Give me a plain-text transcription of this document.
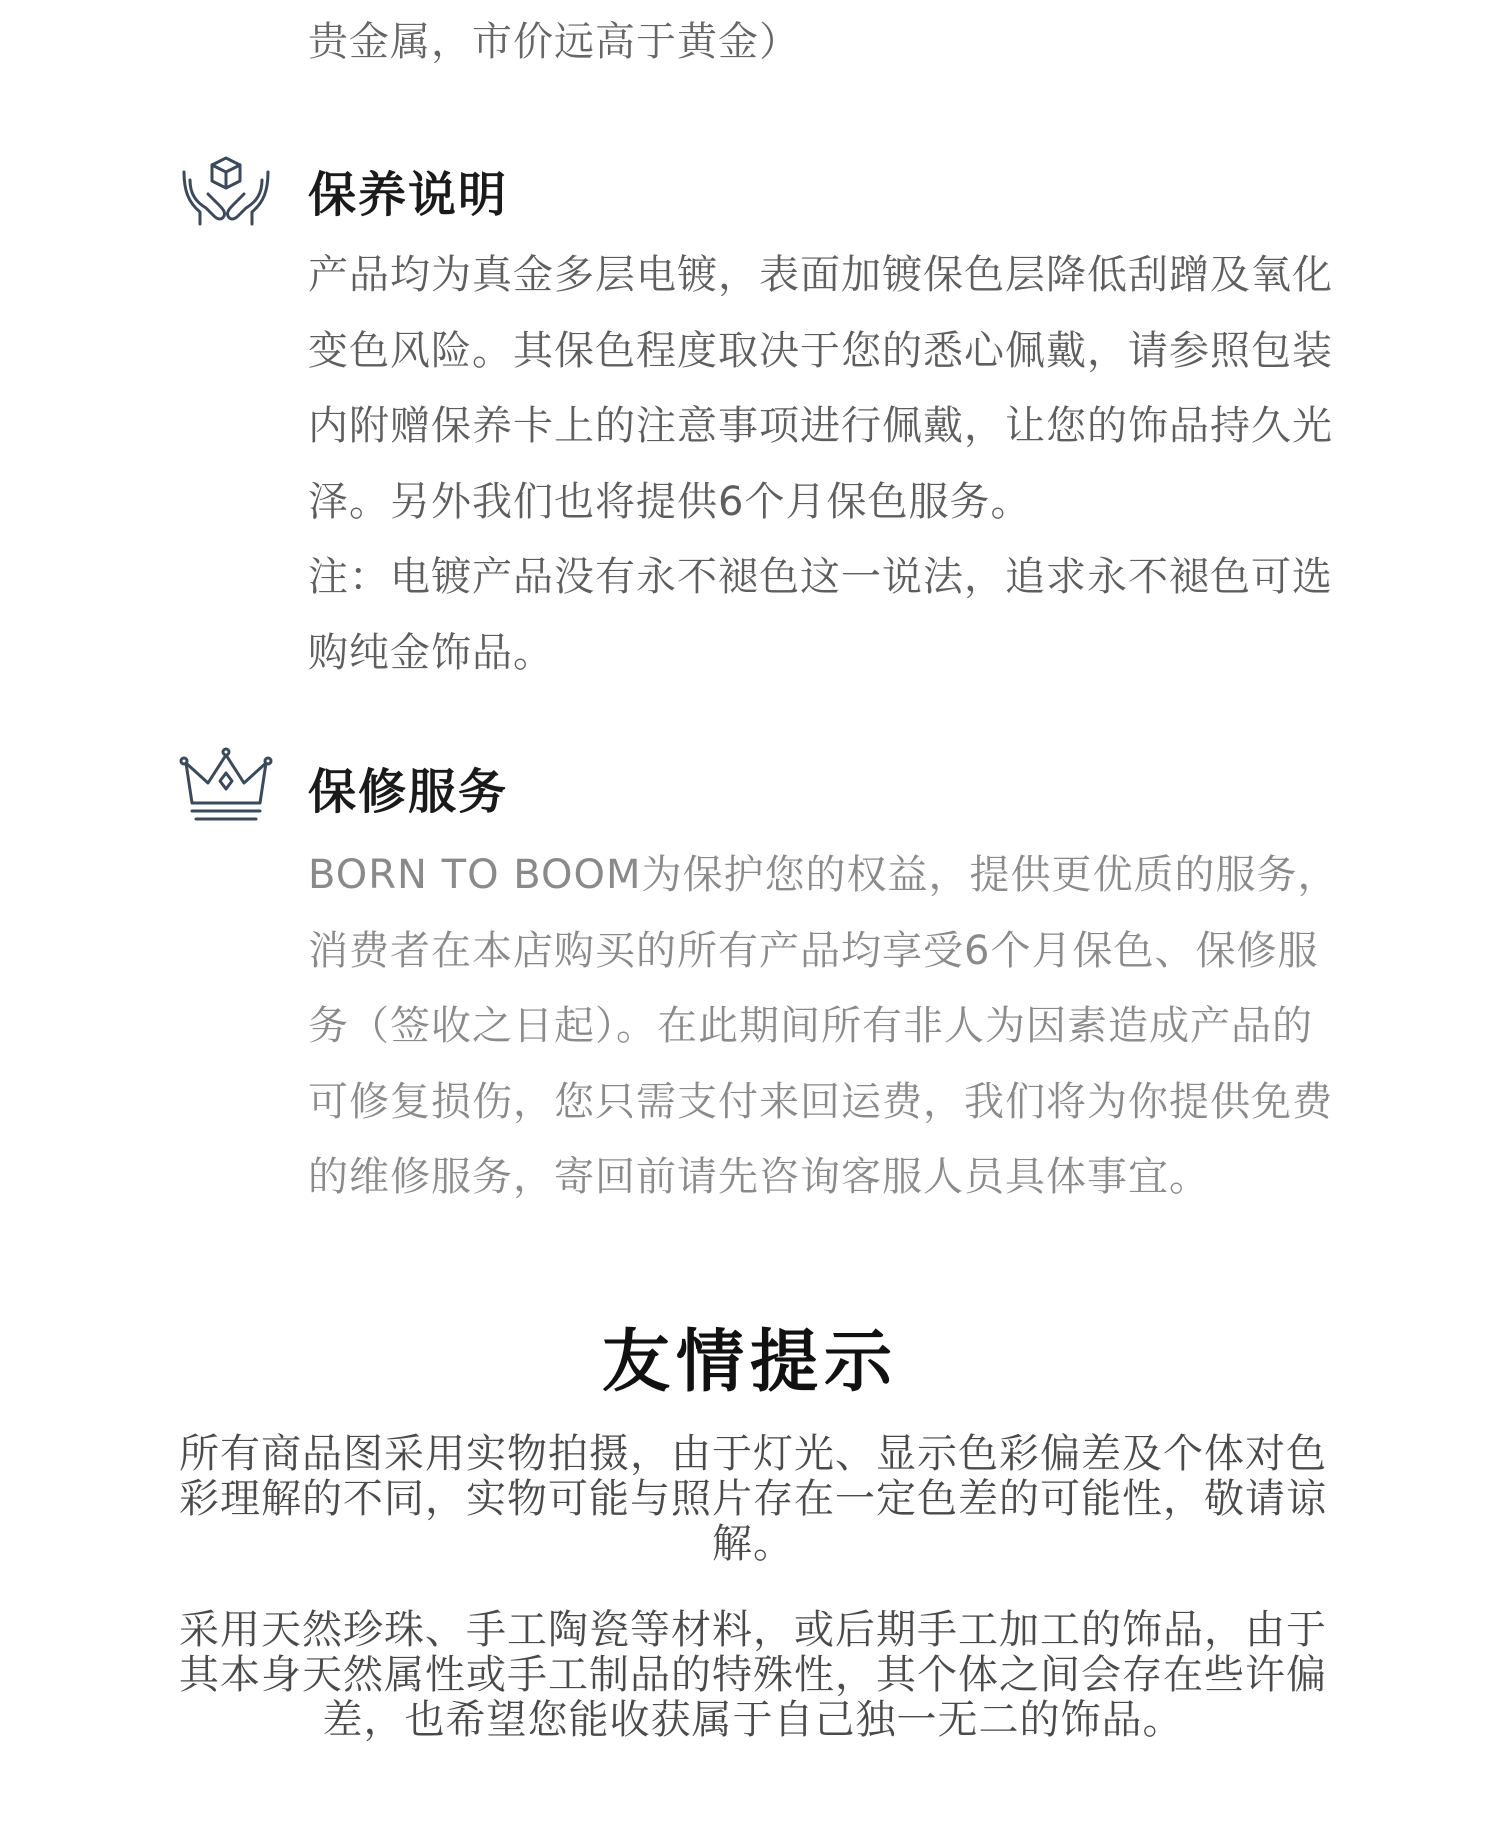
贵金属，市价远高于黄金）
保养说明

产品均为真金多层电镀，表面加镀保色层降低刮蹭及氧化变色风险。其保色程度取决于您的悉心佩戴，请参照包装内附赠保养卡上的注意事项进行佩戴，让您的饰品持久光泽。另外我们也将提供6个月保色服务。

注：电镀产品没有永不褪色这一说法，追求永不褪色可选购纯金饰品。

保修服务

BORN TO BOOM为保护您的权益，提供更优质的服务，消费者在本店购买的所有产品均享受6个月保色、保修服务（签收之日起）。在此期间所有非人为因素造成产品的可修复损伤，您只需支付来回运费，我们将为你提供免费的维修服务，寄回前请先咨询客服人员具体事宜。

友情提示

所有商品图采用实物拍摄，由于灯光、显示色彩偏差及个体对色彩理解的不同，实物可能与照片存在一定色差的可能性，敬请谅解。

采用天然珍珠、手工陶瓷等材料，或后期手工加工的饰品，由于其本身天然属性或手工制品的特殊性，其个体之间会存在些许偏差，也希望您能收获属于自己独一无二的饰品。
